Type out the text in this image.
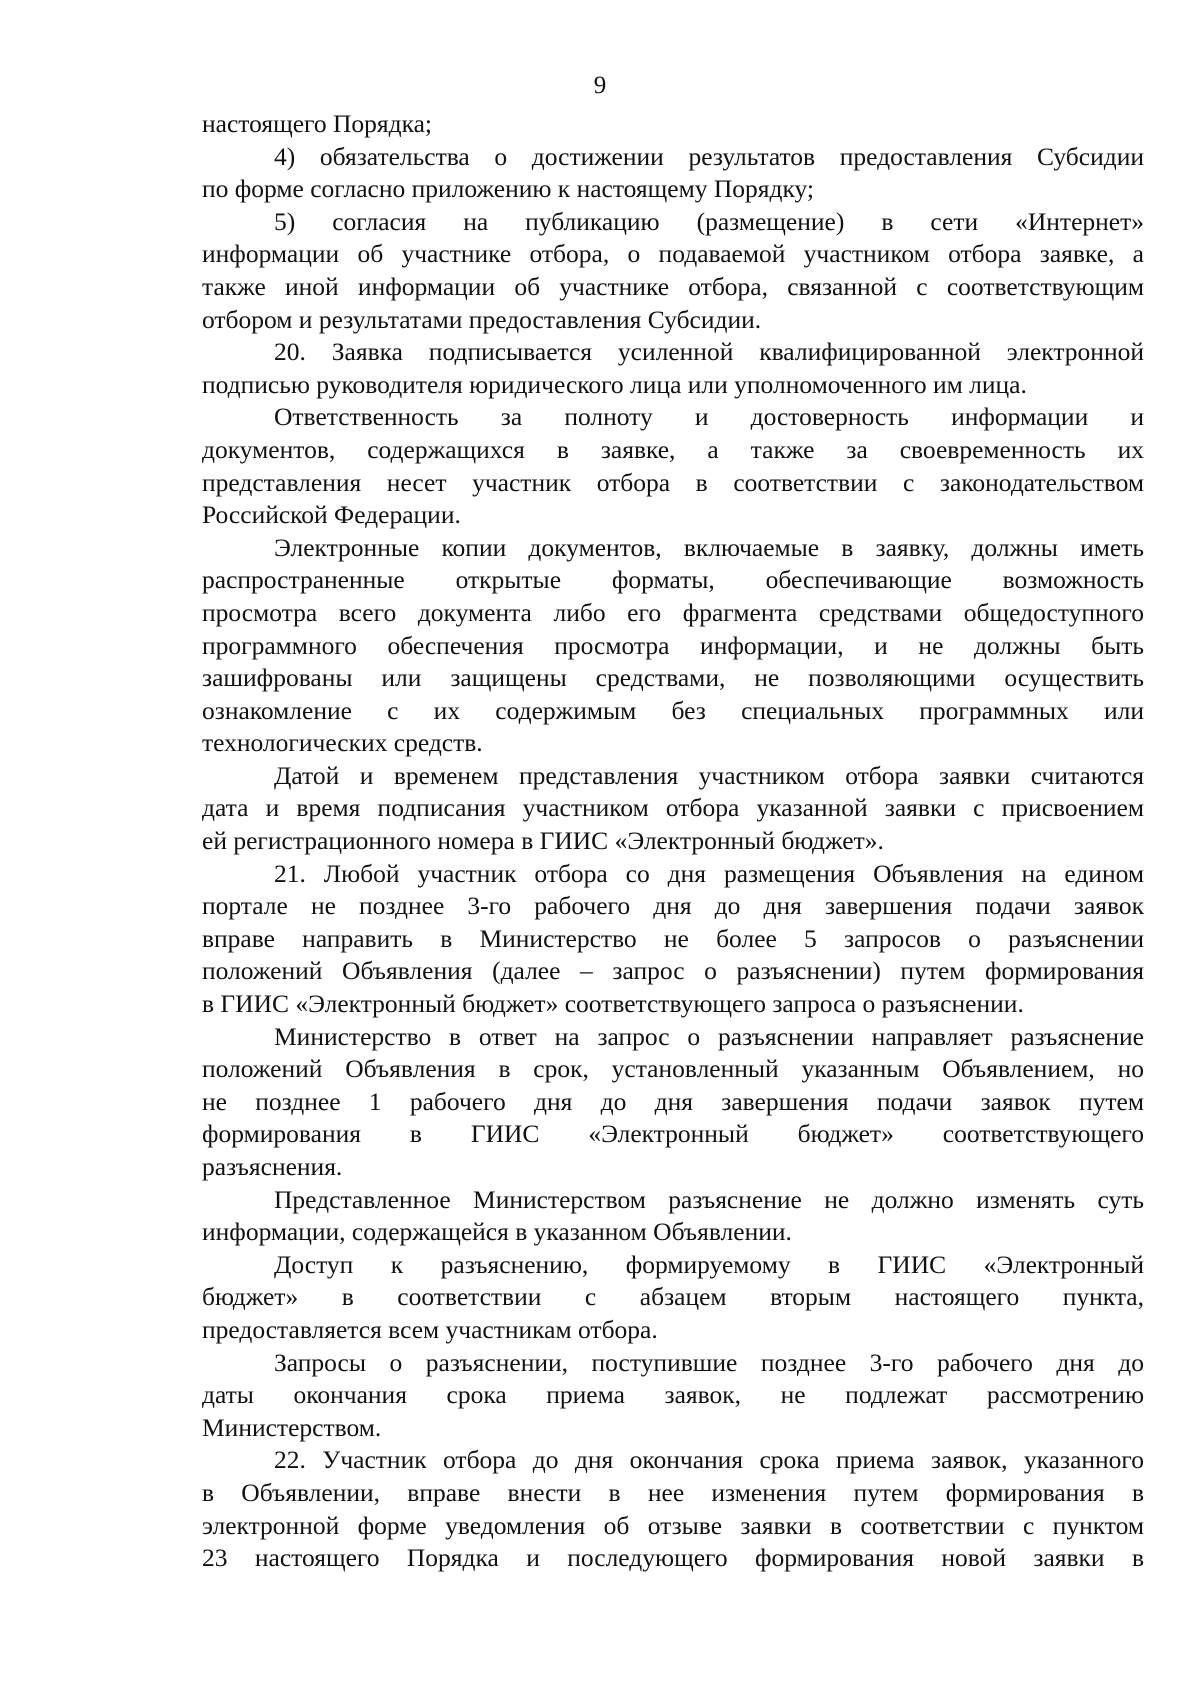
9
настоящего Порядка;
4) обязательства о достижении результатов предоставления Субсидии
по форме согласно приложению к настоящему Порядку;
5) согласия на публикацию (размещение) в сети «Интернет»
информации об участнике отбора, о подаваемой участником отбора заявке, а
также иной информации об участнике отбора, связанной с соответствующим
отбором и результатами предоставления Субсидии.
20. Заявка подписывается усиленной квалифицированной электронной
подписью руководителя юридического лица или уполномоченного им лица.
Ответственность за полноту и достоверность информации и
документов, содержащихся в заявке, а также за своевременность их
представления несет участник отбора в соответствии с законодательством
Российской Федерации.
Электронные копии документов, включаемые в заявку, должны иметь
распространенные открытые форматы, обеспечивающие возможность
просмотра всего документа либо его фрагмента средствами общедоступного
программного обеспечения просмотра информации, и не должны быть
зашифрованы или защищены средствами, не позволяющими осуществить
ознакомление с их содержимым без специальных программных или
технологических средств.
Датой и временем представления участником отбора заявки считаются
дата и время подписания участником отбора указанной заявки с присвоением
ей регистрационного номера в ГИИС «Электронный бюджет».
21. Любой участник отбора со дня размещения Объявления на едином
портале не позднее 3-го рабочего дня до дня завершения подачи заявок
вправе направить в Министерство не более 5 запросов о разъяснении
положений Объявления (далее – запрос о разъяснении) путем формирования
в ГИИС «Электронный бюджет» соответствующего запроса о разъяснении.
Министерство в ответ на запрос о разъяснении направляет разъяснение
положений Объявления в срок, установленный указанным Объявлением, но
не позднее 1 рабочего дня до дня завершения подачи заявок путем
формирования в ГИИС «Электронный бюджет» соответствующего
разъяснения.
Представленное Министерством разъяснение не должно изменять суть
информации, содержащейся в указанном Объявлении.
Доступ к разъяснению, формируемому в ГИИС «Электронный
бюджет» в соответствии с абзацем вторым настоящего пункта,
предоставляется всем участникам отбора.
Запросы о разъяснении, поступившие позднее 3-го рабочего дня до
даты окончания срока приема заявок, не подлежат рассмотрению
Министерством.
22. Участник отбора до дня окончания срока приема заявок, указанного
в Объявлении, вправе внести в нее изменения путем формирования в
электронной форме уведомления об отзыве заявки в соответствии с пунктом
23 настоящего Порядка и последующего формирования новой заявки в
